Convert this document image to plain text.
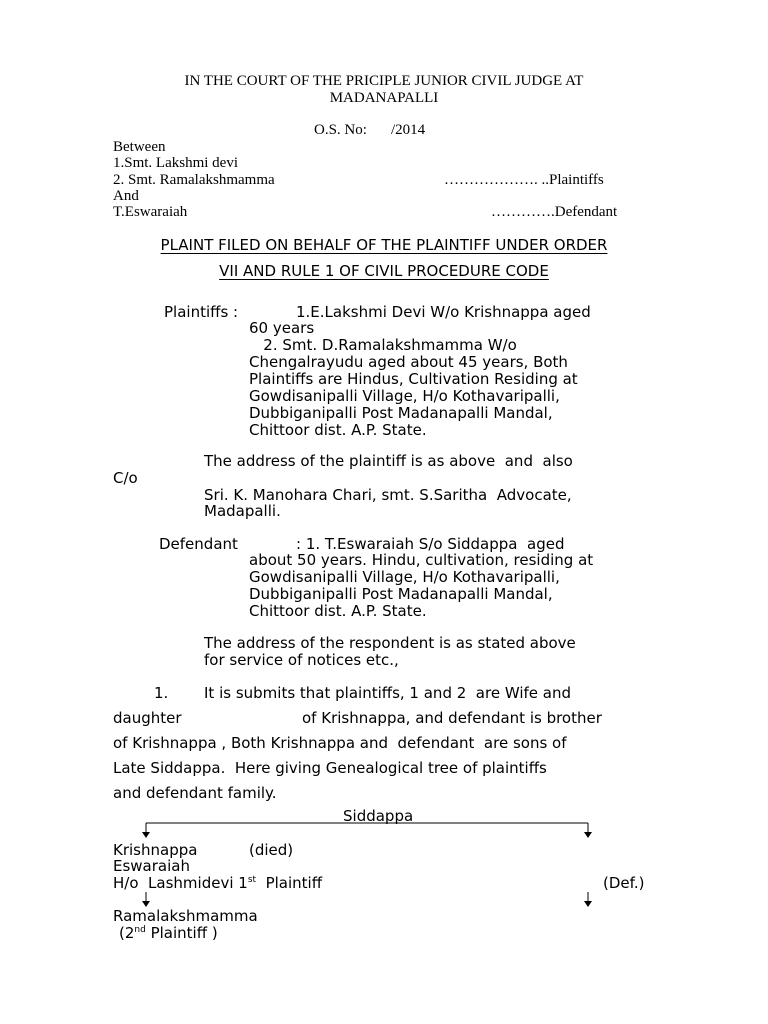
IN THE COURT OF THE PRICIPLE JUNIOR CIVIL JUDGE AT
MADANAPALLI
O.S. No: /2014
Between
1.Smt. Lakshmi devi
2. Smt. Ramalakshmamma	………………. ..Plaintiffs
And
T.Eswaraiah	………….Defendant
PLAINT FILED ON BEHALF OF THE PLAINTIFF UNDER ORDER
VII AND RULE 1 OF CIVIL PROCEDURE CODE
Plaintiffs :	1.E.Lakshmi Devi W/o Krishnappa aged
60 years
2. Smt. D.Ramalakshmamma W/o
Chengalrayudu aged about 45 years, Both
Plaintiffs are Hindus, Cultivation Residing at
Gowdisanipalli Village, H/o Kothavaripalli,
Dubbiganipalli Post Madanapalli Mandal,
Chittoor dist. A.P. State.
The address of the plaintiff is as above  and  also
C/o
Sri. K. Manohara Chari, smt. S.Saritha  Advocate,
Madapalli.
Defendant	: 1. T.Eswaraiah S/o Siddappa  aged
about 50 years. Hindu, cultivation, residing at
Gowdisanipalli Village, H/o Kothavaripalli,
Dubbiganipalli Post Madanapalli Mandal,
Chittoor dist. A.P. State.
The address of the respondent is as stated above
for service of notices etc.,
1. It is submits that plaintiffs, 1 and 2  are Wife and
daughter	of Krishnappa, and defendant is brother
of Krishnappa , Both Krishnappa and  defendant  are sons of
Late Siddappa.  Here giving Genealogical tree of plaintiffs
and defendant family.
Siddappa
Krishnappa	(died)
Eswaraiah
H/o  Lashmidevi 1st  Plaintiff	(Def.)
Ramalakshmamma
(2nd Plaintiff )
